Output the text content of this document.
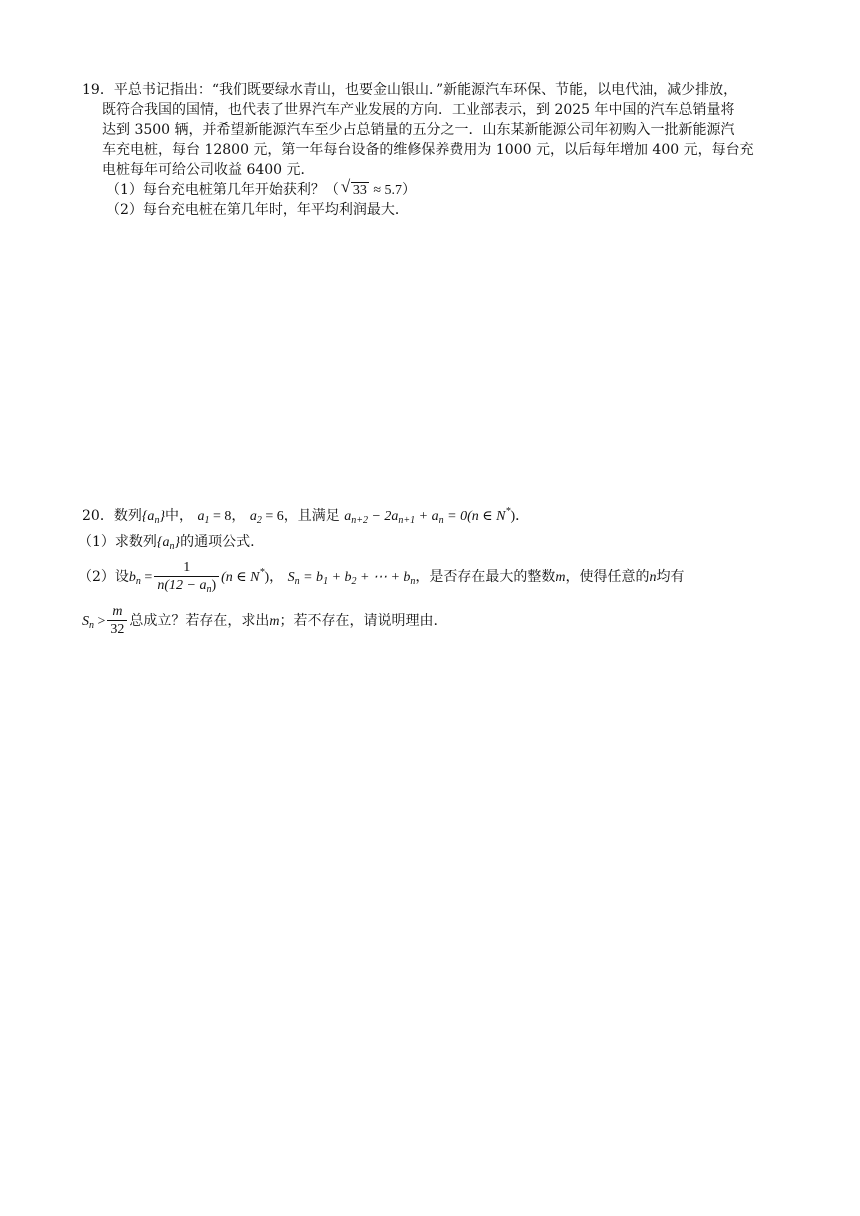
19．平总书记指出：“我们既要绿水青山，也要金山银山．”新能源汽车环保、节能，以电代油，减少排放，
既符合我国的国情，也代表了世界汽车产业发展的方向．工业部表示，到 2025 年中国的汽车总销量将
达到 3500 辆，并希望新能源汽车至少占总销量的五分之一．山东某新能源公司年初购入一批新能源汽
车充电桩，每台 12800 元，第一年每台设备的维修保养费用为 1000 元，以后每年增加 400 元，每台充
电桩每年可给公司收益 6400 元．
（1）每台充电桩第几年开始获利？（ √ 33 ≈ 5.7）
（2）每台充电桩在第几年时，年平均利润最大．
20．数列$\{a_n\}$中， $a_1 = 8$， $a_2 = 6$，且满足 $a_{n+2} - 2a_{n+1} + a_n = 0(n$ ∈ N*)．
（1）求数列$\{a_n\}$的通项公式.
（2）设$b_n = \frac{1}{n(12 - a_n)} (n$ ∈ N*)， $S_n = b_1 + b_2$ + ⋯ + $b_n$，是否存在最大的整数m，使得任意的n均有
$S_n > \frac{m}{32}$ 总成立？若存在，求出m；若不存在，请说明理由.
